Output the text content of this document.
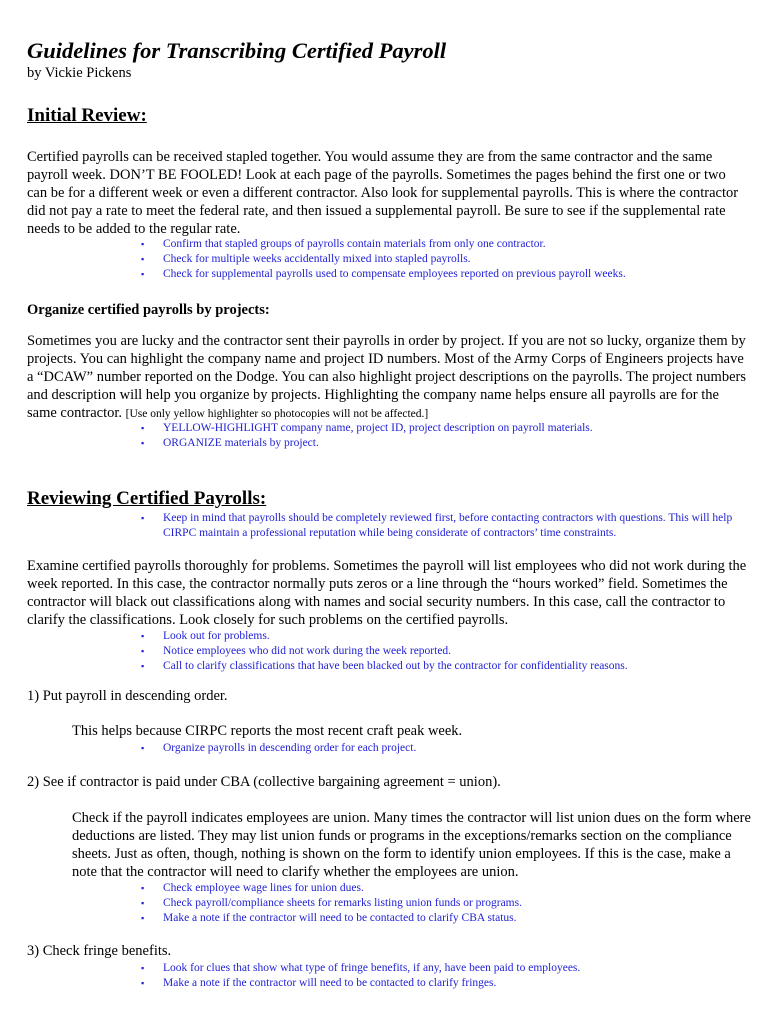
Guidelines for Transcribing Certified Payroll
by Vickie Pickens
Initial Review:

Certified payrolls can be received stapled together. You would assume they are from the same contractor and the same payroll week. DON’T BE FOOLED! Look at each page of the payrolls. Sometimes the pages behind the first one or two can be for a different week or even a different contractor. Also look for supplemental payrolls. This is where the contractor did not pay a rate to meet the federal rate, and then issued a supplemental payroll. Be sure to see if the supplemental rate needs to be added to the regular rate.

▪ Confirm that stapled groups of payrolls contain materials from only one contractor.
▪ Check for multiple weeks accidentally mixed into stapled payrolls.
▪ Check for supplemental payrolls used to compensate employees reported on previous payroll weeks.
Organize certified payrolls by projects:

Sometimes you are lucky and the contractor sent their payrolls in order by project. If you are not so lucky, organize them by projects. You can highlight the company name and project ID numbers. Most of the Army Corps of Engineers projects have a “DCAW” number reported on the Dodge. You can also highlight project descriptions on the payrolls. The project numbers and description will help you organize by projects. Highlighting the company name helps ensure all payrolls are for the same contractor. [Use only yellow highlighter so photocopies will not be affected.]

▪ YELLOW-HIGHLIGHT company name, project ID, project description on payroll materials.
▪ ORGANIZE materials by project.
Reviewing Certified Payrolls:
▪ Keep in mind that payrolls should be completely reviewed first, before contacting contractors with questions. This will help CIRPC maintain a professional reputation while being considerate of contractors’ time constraints.

Examine certified payrolls thoroughly for problems. Sometimes the payroll will list employees who did not work during the week reported. In this case, the contractor normally puts zeros or a line through the “hours worked” field. Sometimes the contractor will black out classifications along with names and social security numbers. In this case, call the contractor to clarify the classifications. Look closely for such problems on the certified payrolls.

▪ Look out for problems.
▪ Notice employees who did not work during the week reported.
▪ Call to clarify classifications that have been blacked out by the contractor for confidentiality reasons.
1) Put payroll in descending order.
This helps because CIRPC reports the most recent craft peak week.
▪ Organize payrolls in descending order for each project.
2) See if contractor is paid under CBA (collective bargaining agreement = union).

Check if the payroll indicates employees are union. Many times the contractor will list union dues on the form where deductions are listed. They may list union funds or programs in the exceptions/remarks section on the compliance sheets. Just as often, though, nothing is shown on the form to identify union employees. If this is the case, make a note that the contractor will need to clarify whether the employees are union.

▪ Check employee wage lines for union dues.
▪ Check payroll/compliance sheets for remarks listing union funds or programs.
▪ Make a note if the contractor will need to be contacted to clarify CBA status.
3) Check fringe benefits.
▪ Look for clues that show what type of fringe benefits, if any, have been paid to employees.
▪ Make a note if the contractor will need to be contacted to clarify fringes.
